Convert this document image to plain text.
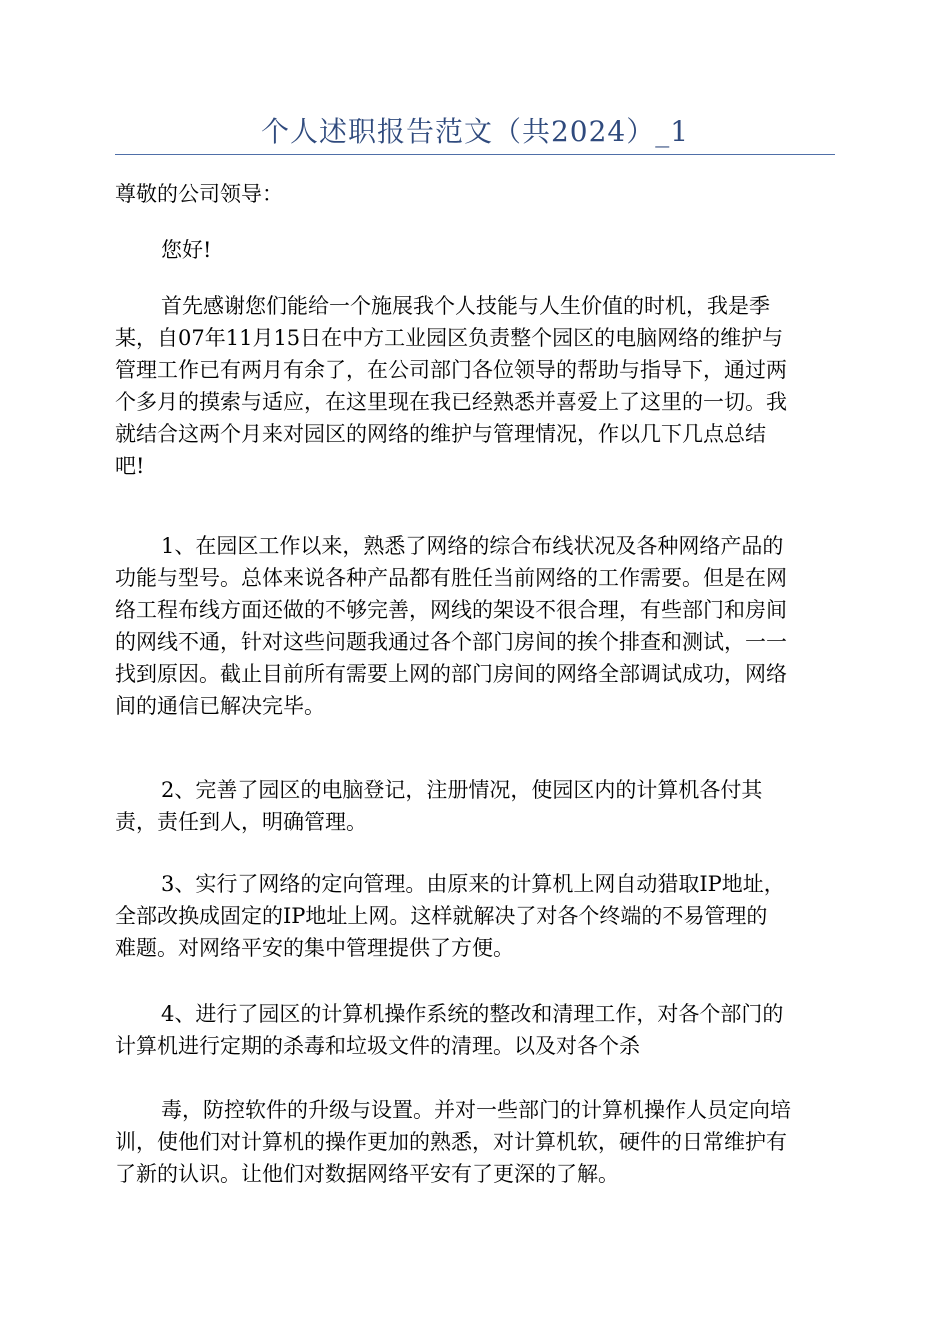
个人述职报告范文（共2024）_1
尊敬的公司领导：
您好!
首先感谢您们能给一个施展我个人技能与人生价值的时机，我是季
某，自07年11月15日在中方工业园区负责整个园区的电脑网络的维护与
管理工作已有两月有余了，在公司部门各位领导的帮助与指导下，通过两
个多月的摸索与适应，在这里现在我已经熟悉并喜爱上了这里的一切。我
就结合这两个月来对园区的网络的维护与管理情况，作以几下几点总结
吧!
1、在园区工作以来，熟悉了网络的综合布线状况及各种网络产品的
功能与型号。总体来说各种产品都有胜任当前网络的工作需要。但是在网
络工程布线方面还做的不够完善，网线的架设不很合理，有些部门和房间
的网线不通，针对这些问题我通过各个部门房间的挨个排查和测试，一一
找到原因。截止目前所有需要上网的部门房间的网络全部调试成功，网络
间的通信已解决完毕。
2、完善了园区的电脑登记，注册情况，使园区内的计算机各付其
责，责任到人，明确管理。
3、实行了网络的定向管理。由原来的计算机上网自动猎取IP地址，
全部改换成固定的IP地址上网。这样就解决了对各个终端的不易管理的
难题。对网络平安的集中管理提供了方便。
4、进行了园区的计算机操作系统的整改和清理工作，对各个部门的
计算机进行定期的杀毒和垃圾文件的清理。以及对各个杀
毒，防控软件的升级与设置。并对一些部门的计算机操作人员定向培
训，使他们对计算机的操作更加的熟悉，对计算机软，硬件的日常维护有
了新的认识。让他们对数据网络平安有了更深的了解。
